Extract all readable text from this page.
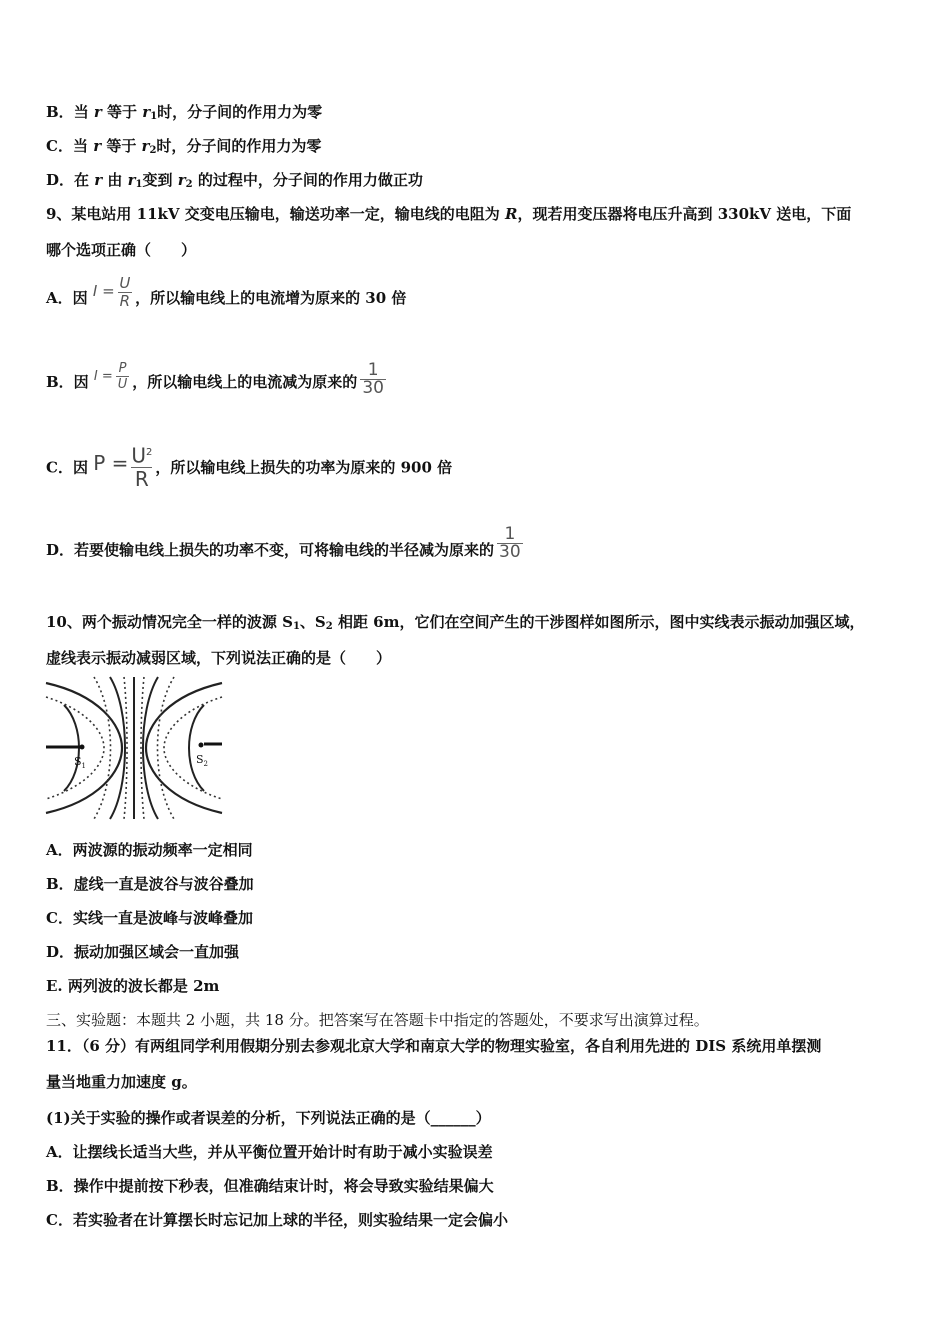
B．当 r 等于 $r_1$时，分子间的作用力为零
C．当 r 等于 $r_2$时，分子间的作用力为零
D．在 r 由 $r_1$变到 $r_2$ 的过程中，分子间的作用力做正功
9、某电站用 11kV 交变电压输电，输送功率一定，输电线的电阻为 R，现若用变压器将电压升高到 330kV 送电，下面
哪个选项正确（　　）
A．因 $I = \frac{U}{R}$ ，所以输电线上的电流增为原来的 30 倍
B．因 $I = \frac{P}{U}$ ，所以输电线上的电流减为原来的 $\frac{1}{30}$
C．因 $P = \frac{U^2}{R}$ ，所以输电线上损失的功率为原来的 900 倍
D．若要使输电线上损失的功率不变，可将输电线的半径减为原来的 $\frac{1}{30}$
10、两个振动情况完全一样的波源 $S_1$、$S_2$ 相距 6m，它们在空间产生的干涉图样如图所示，图中实线表示振动加强区域，
虚线表示振动减弱区域，下列说法正确的是（　　）
$S_1$	$S_2$
A．两波源的振动频率一定相同
B．虚线一直是波谷与波谷叠加
C．实线一直是波峰与波峰叠加
D．振动加强区域会一直加强
E. 两列波的波长都是 2m
三、实验题：本题共 2 小题，共 18 分。把答案写在答题卡中指定的答题处，不要求写出演算过程。
11．（6 分）有两组同学利用假期分别去参观北京大学和南京大学的物理实验室，各自利用先进的 DIS 系统用单摆测
量当地重力加速度 g。
(1)关于实验的操作或者误差的分析，下列说法正确的是（______）
A．让摆线长适当大些，并从平衡位置开始计时有助于减小实验误差
B．操作中提前按下秒表，但准确结束计时，将会导致实验结果偏大
C．若实验者在计算摆长时忘记加上球的半径，则实验结果一定会偏小
